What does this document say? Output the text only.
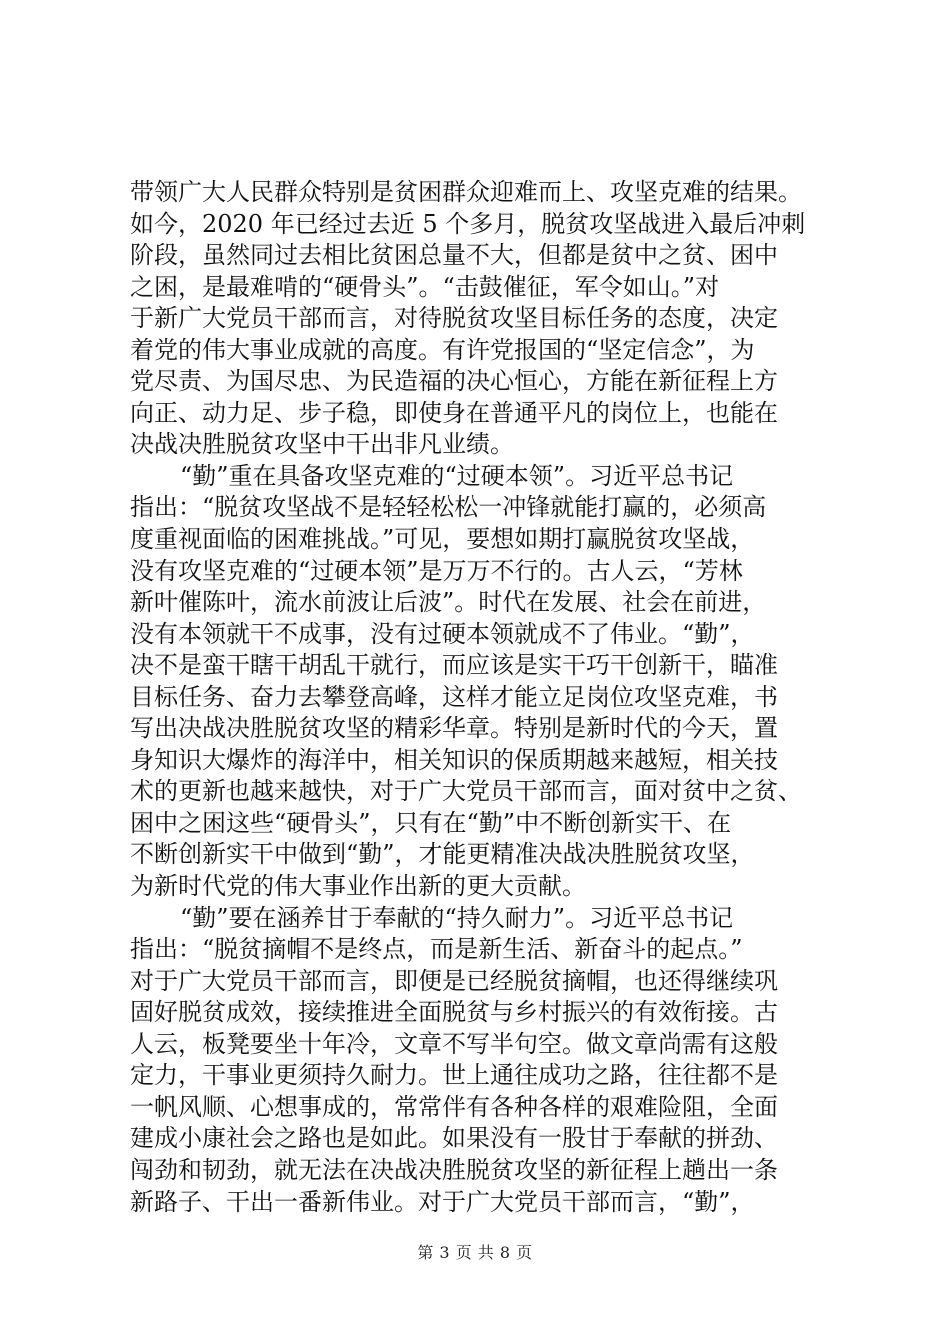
带领广大人民群众特别是贫困群众迎难而上、攻坚克难的结果。
如今，2020 年已经过去近 5 个多月，脱贫攻坚战进入最后冲刺
阶段，虽然同过去相比贫困总量不大，但都是贫中之贫、困中
之困，是最难啃的“硬骨头”。“击鼓催征，军令如山。”对
于新广大党员干部而言，对待脱贫攻坚目标任务的态度，决定
着党的伟大事业成就的高度。有许党报国的“坚定信念”，为
党尽责、为国尽忠、为民造福的决心恒心，方能在新征程上方
向正、动力足、步子稳，即使身在普通平凡的岗位上，也能在
决战决胜脱贫攻坚中干出非凡业绩。
“勤”重在具备攻坚克难的“过硬本领”。习近平总书记
指出：“脱贫攻坚战不是轻轻松松一冲锋就能打赢的，必须高
度重视面临的困难挑战。”可见，要想如期打赢脱贫攻坚战，
没有攻坚克难的“过硬本领”是万万不行的。古人云，“芳林
新叶催陈叶，流水前波让后波”。时代在发展、社会在前进，
没有本领就干不成事，没有过硬本领就成不了伟业。“勤”，
决不是蛮干瞎干胡乱干就行，而应该是实干巧干创新干，瞄准
目标任务、奋力去攀登高峰，这样才能立足岗位攻坚克难，书
写出决战决胜脱贫攻坚的精彩华章。特别是新时代的今天，置
身知识大爆炸的海洋中，相关知识的保质期越来越短，相关技
术的更新也越来越快，对于广大党员干部而言，面对贫中之贫、
困中之困这些“硬骨头”，只有在“勤”中不断创新实干、在
不断创新实干中做到“勤”，才能更精准决战决胜脱贫攻坚，
为新时代党的伟大事业作出新的更大贡献。
“勤”要在涵养甘于奉献的“持久耐力”。习近平总书记
指出：“脱贫摘帽不是终点，而是新生活、新奋斗的起点。”
对于广大党员干部而言，即便是已经脱贫摘帽，也还得继续巩
固好脱贫成效，接续推进全面脱贫与乡村振兴的有效衔接。古
人云，板凳要坐十年冷，文章不写半句空。做文章尚需有这般
定力，干事业更须持久耐力。世上通往成功之路，往往都不是
一帆风顺、心想事成的，常常伴有各种各样的艰难险阻，全面
建成小康社会之路也是如此。如果没有一股甘于奉献的拼劲、
闯劲和韧劲，就无法在决战决胜脱贫攻坚的新征程上趟出一条
新路子、干出一番新伟业。对于广大党员干部而言，“勤”，
第 3 页 共 8 页
